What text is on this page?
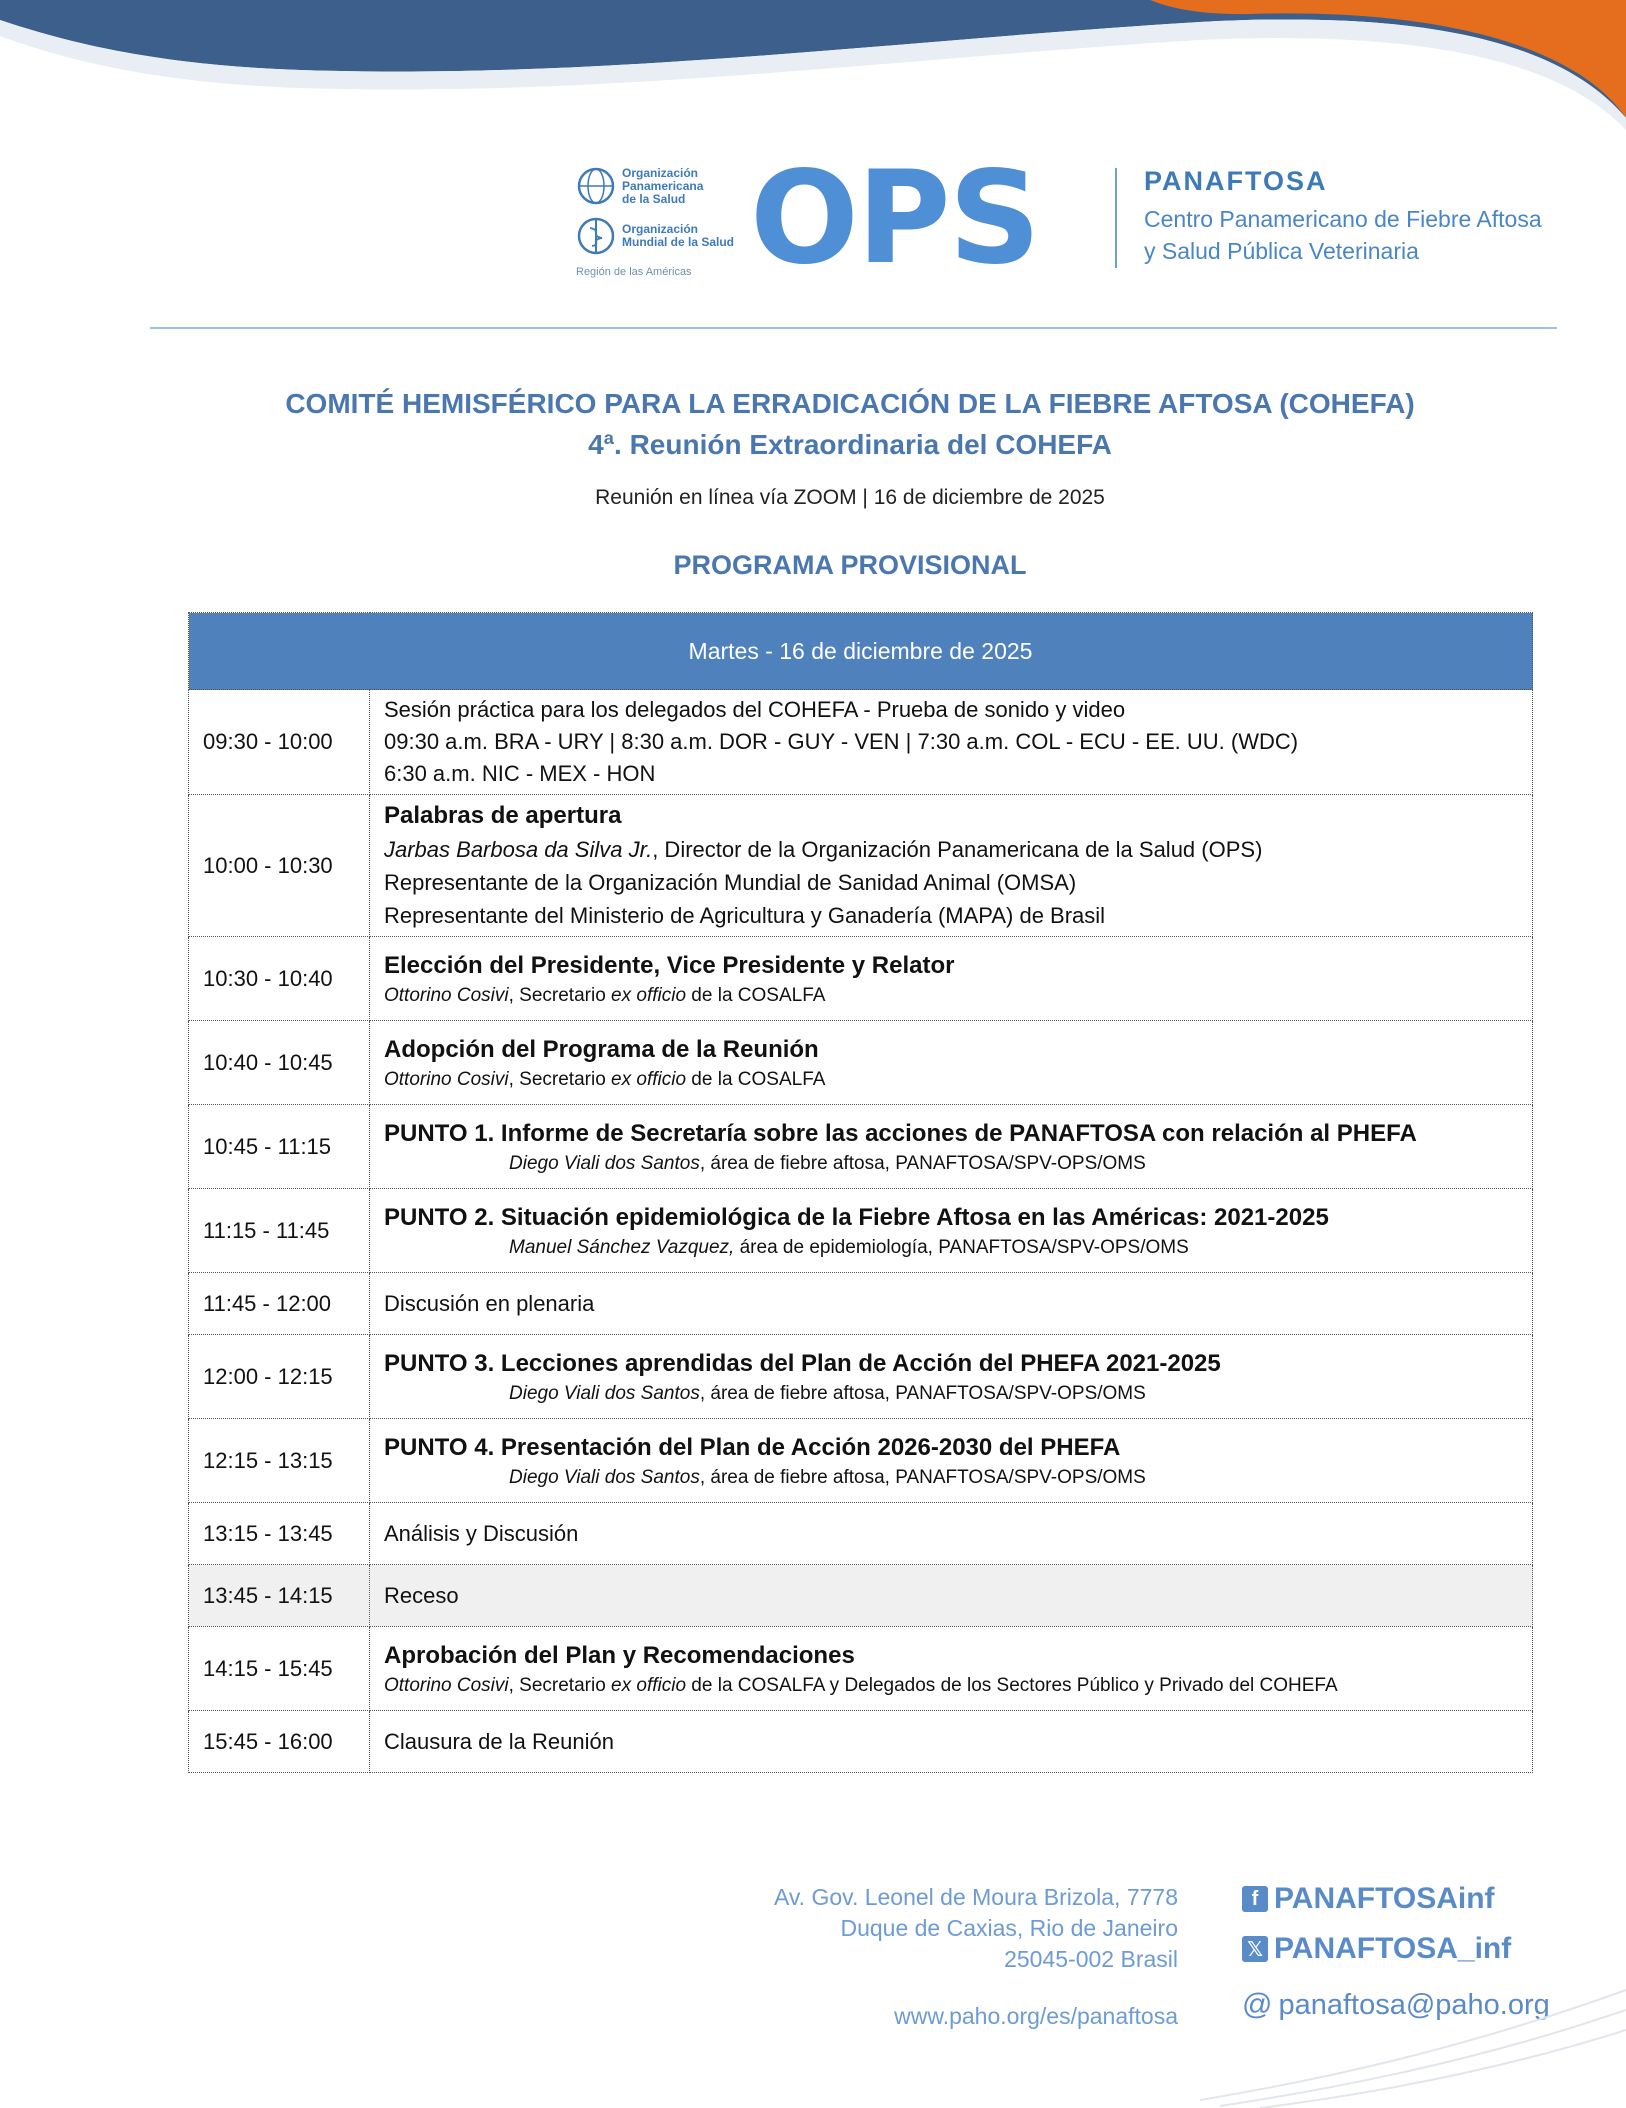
Organización
Panamericana
de la Salud
Organización
Mundial de la Salud
Región de las Américas OPS	PANAFTOSA
Centro Panamericano de Fiebre Aftosa
y Salud Pública Veterinaria
COMITÉ HEMISFÉRICO PARA LA ERRADICACIÓN DE LA FIEBRE AFTOSA (COHEFA)
4ª. Reunión Extraordinaria del COHEFA
Reunión en línea vía ZOOM | 16 de diciembre de 2025
PROGRAMA PROVISIONAL
Martes - 16 de diciembre de 2025	
09:30 - 10:00	Sesión práctica para los delegados del COHEFA - Prueba de sonido y video
09:30 a.m. BRA - URY | 8:30 a.m. DOR - GUY - VEN | 7:30 a.m. COL - ECU - EE. UU. (WDC)
6:30 a.m. NIC - MEX - HON

10:00 - 10:30	Palabras de apertura
Jarbas Barbosa da Silva Jr., Director de la Organización Panamericana de la Salud (OPS)
Representante de la Organización Mundial de Sanidad Animal (OMSA)
Representante del Ministerio de Agricultura y Ganadería (MAPA) de Brasil

10:30 - 10:40	Elección del Presidente, Vice Presidente y Relator
Ottorino Cosivi, Secretario ex officio de la COSALFA

10:40 - 10:45	Adopción del Programa de la Reunión
Ottorino Cosivi, Secretario ex officio de la COSALFA

10:45 - 11:15	PUNTO 1. Informe de Secretaría sobre las acciones de PANAFTOSA con relación al PHEFA
Diego Viali dos Santos, área de fiebre aftosa, PANAFTOSA/SPV-OPS/OMS

11:15 - 11:45	PUNTO 2. Situación epidemiológica de la Fiebre Aftosa en las Américas: 2021-2025
Manuel Sánchez Vazquez, área de epidemiología, PANAFTOSA/SPV-OPS/OMS

11:45 - 12:00	Discusión en plenaria
12:00 - 12:15	PUNTO 3. Lecciones aprendidas del Plan de Acción del PHEFA 2021-2025
Diego Viali dos Santos, área de fiebre aftosa, PANAFTOSA/SPV-OPS/OMS

12:15 - 13:15	PUNTO 4. Presentación del Plan de Acción 2026-2030 del PHEFA
Diego Viali dos Santos, área de fiebre aftosa, PANAFTOSA/SPV-OPS/OMS

13:15 - 13:45	Análisis y Discusión
13:45 - 14:15	Receso
14:15 - 15:45	Aprobación del Plan y Recomendaciones
Ottorino Cosivi, Secretario ex officio de la COSALFA y Delegados de los Sectores Público y Privado del COHEFA

15:45 - 16:00	Clausura de la Reunión
Av. Gov. Leonel de Moura Brizola, 7778
Duque de Caxias, Rio de Janeiro
25045-002 Brasil
www.paho.org/es/panaftosa
f PANAFTOSAinf
𝕏 PANAFTOSA_inf
@ panaftosa@paho.org
